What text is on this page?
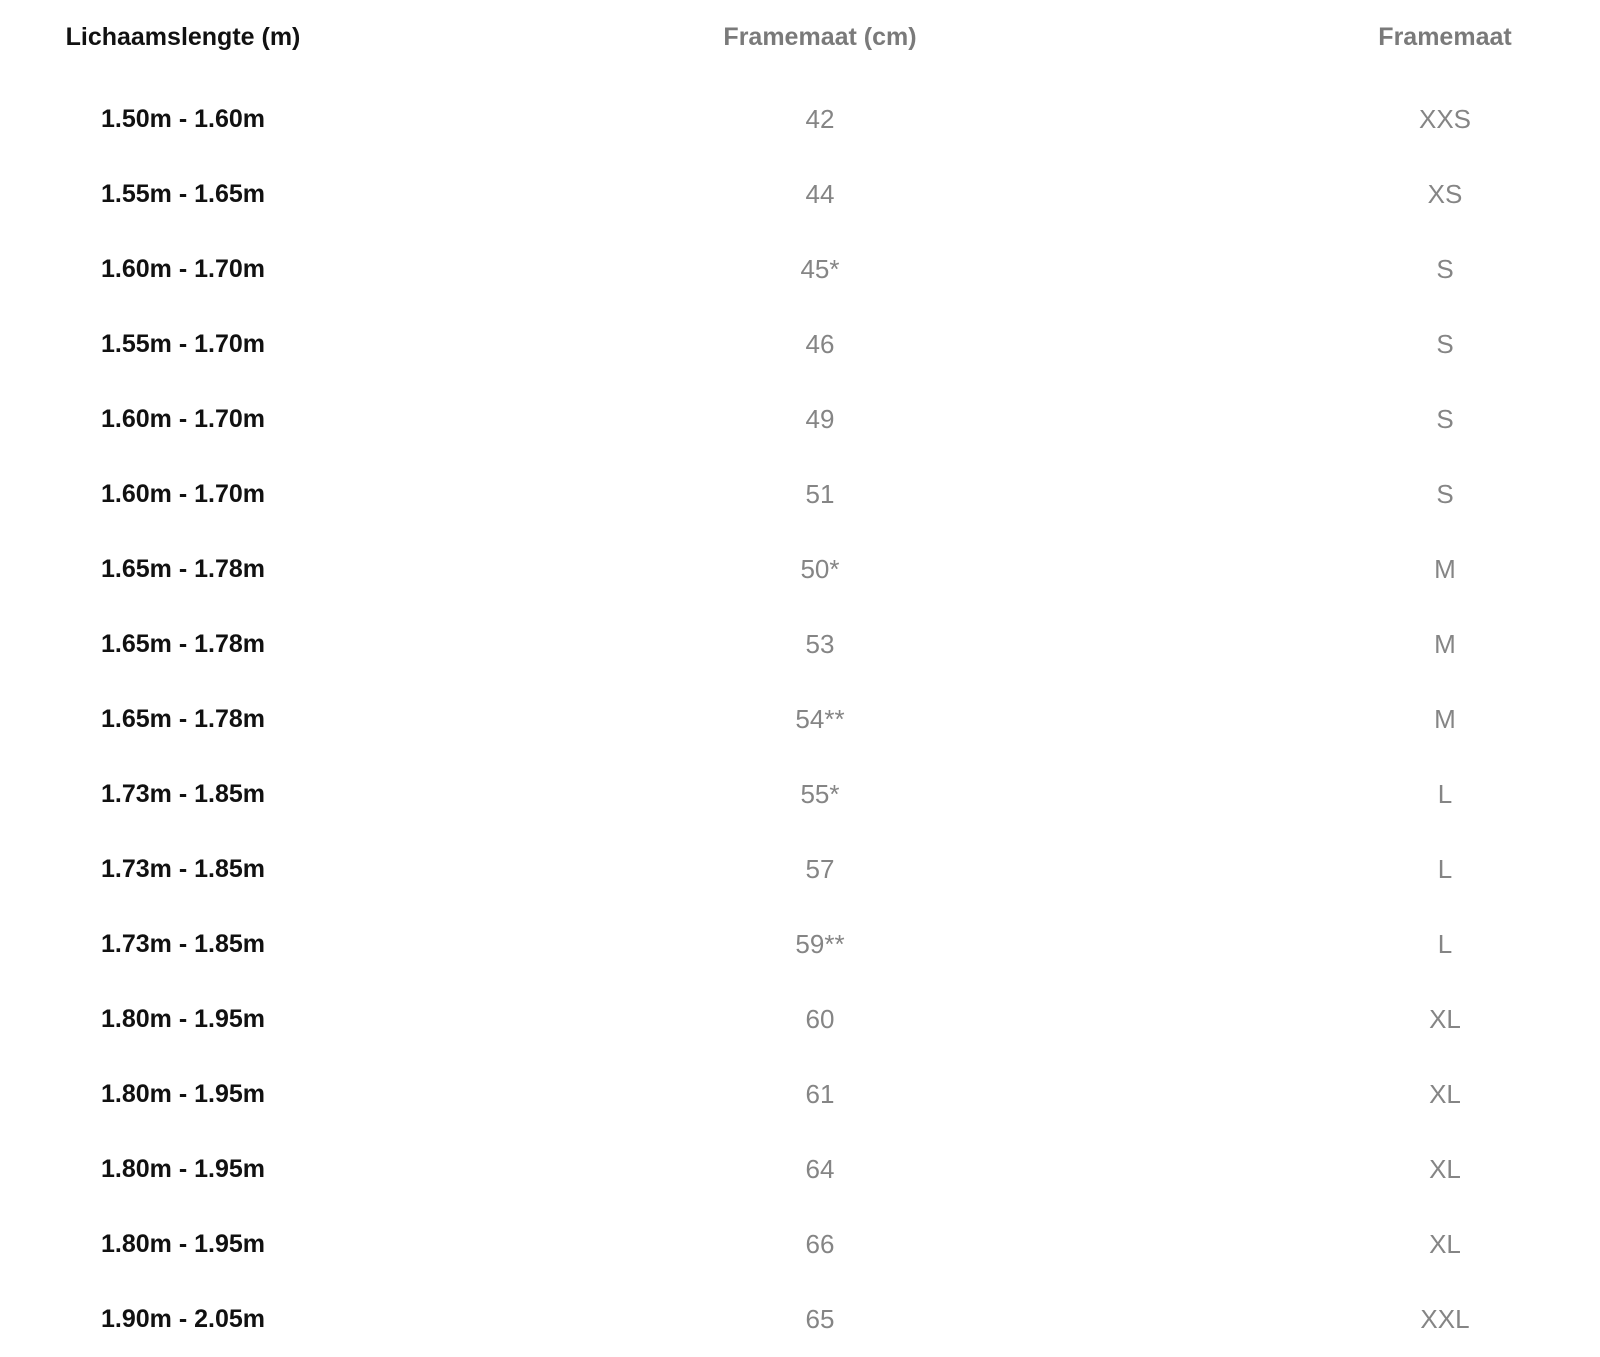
Lichaamslengte (m)	Framemaat (cm)	Framemaat
1.50m - 1.60m	42	XXS
1.55m - 1.65m	44	XS
1.60m - 1.70m	45*	S
1.55m - 1.70m	46	S
1.60m - 1.70m	49	S
1.60m - 1.70m	51	S
1.65m - 1.78m	50*	M
1.65m - 1.78m	53	M
1.65m - 1.78m	54**	M
1.73m - 1.85m	55*	L
1.73m - 1.85m	57	L
1.73m - 1.85m	59**	L
1.80m - 1.95m	60	XL
1.80m - 1.95m	61	XL
1.80m - 1.95m	64	XL
1.80m - 1.95m	66	XL
1.90m - 2.05m	65	XXL
